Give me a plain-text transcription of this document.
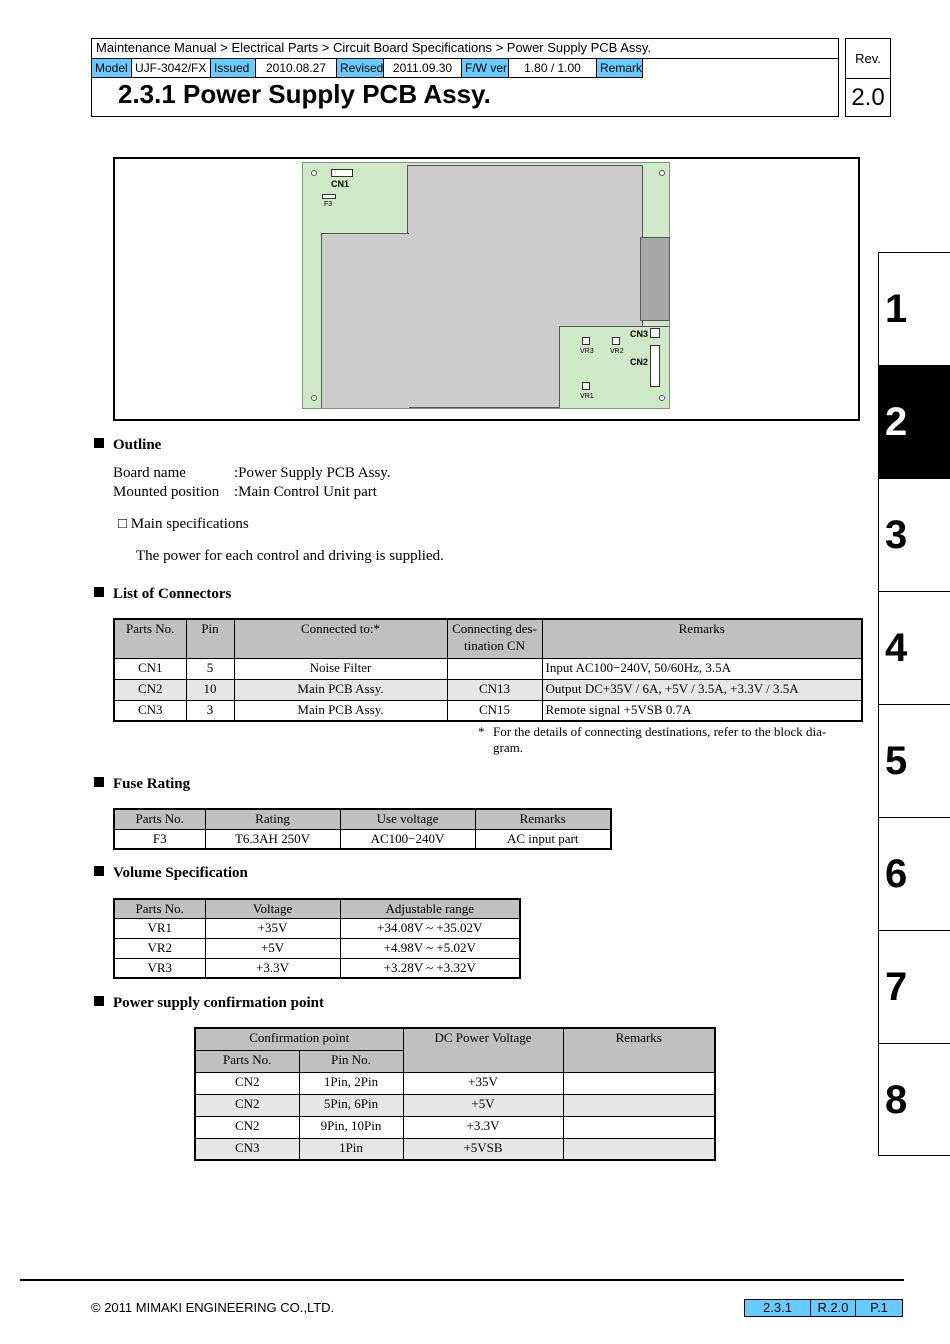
Maintenance Manual > Electrical Parts > Circuit Board Specifications > Power Supply PCB Assy.
Model UJF-3042/FX Issued	2010.08.27	Revised 2011.09.30	F/W ver	1.80 / 1.00	Remark
2.3.1 Power Supply PCB Assy.
Rev.
2.0
1
2
3
4
5
6
7
8
CN1
F3
CN3
CN2
VR3 VR2
VR1
Outline
Board name	:Power Supply PCB Assy.
Mounted position :Main Control Unit part
□ Main specifications
The power for each control and driving is supplied.
List of Connectors
Parts No.	Pin	Connected to:*	Connecting des-
tination CN	Remarks
CN1	5	Noise Filter		Input AC100−240V, 50/60Hz, 3.5A
CN2	10	Main PCB Assy.	CN13	Output DC+35V / 6A, +5V / 3.5A, +3.3V / 3.5A
CN3	3	Main PCB Assy.	CN15	Remote signal +5VSB 0.7A
* For the details of connecting destinations, refer to the block dia-
gram.
Fuse Rating
Parts No.	Rating	Use voltage	Remarks
F3	T6.3AH 250V	AC100−240V	AC input part
Volume Specification
Parts No.	Voltage	Adjustable range
VR1	+35V	+34.08V ~ +35.02V
VR2	+5V	+4.98V ~ +5.02V
VR3	+3.3V	+3.28V ~ +3.32V
Power supply confirmation point
Confirmation point		DC Power Voltage	Remarks
Parts No.	Pin No.		
CN2	1Pin, 2Pin	+35V	
CN2	5Pin, 6Pin	+5V	
CN2	9Pin, 10Pin	+3.3V	
CN3	1Pin	+5VSB	
© 2011 MIMAKI ENGINEERING CO.,LTD.	2.3.1	R.2.0	P.1
